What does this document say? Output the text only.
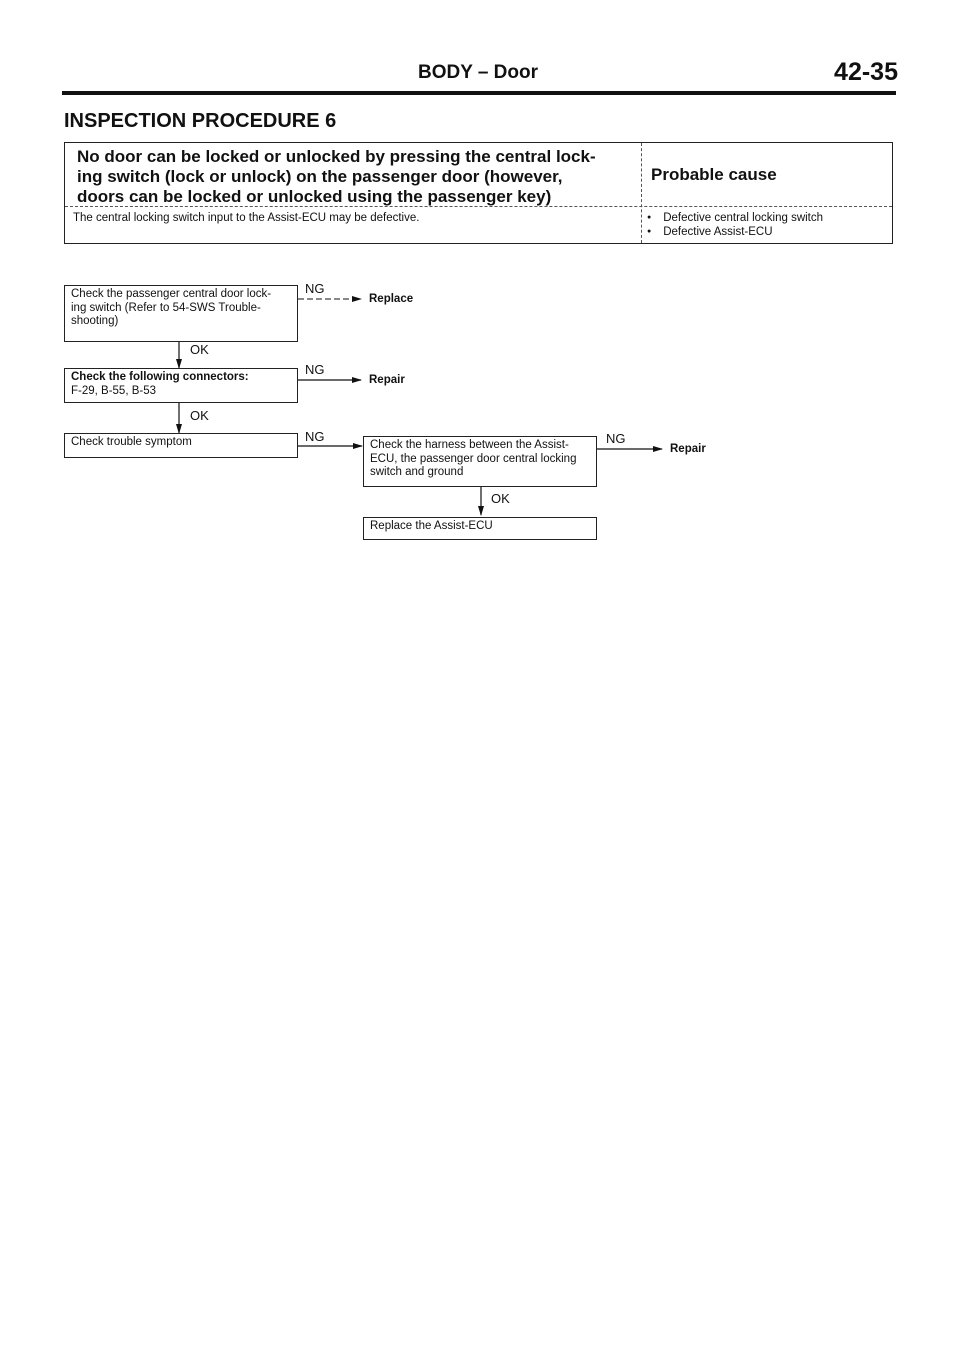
BODY – Door	42-35
INSPECTION PROCEDURE 6
No door can be locked or unlocked by pressing the central lock-
ing switch (lock or unlock) on the passenger door (however,
doors can be locked or unlocked using the passenger key)
The central locking switch input to the Assist-ECU may be defective.
Probable cause
● Defective central locking switch
● Defective Assist-ECU
Check the passenger central door lock-
ing switch (Refer to 54-SWS Trouble-
shooting)
NG
Replace
OK
Check the following connectors:
F-29, B-55, B-53
NG
Repair
OK
Check trouble symptom	NG
Check the harness between the Assist-
ECU, the passenger door central locking
switch and ground
NG
Repair
OK
Replace the Assist-ECU
